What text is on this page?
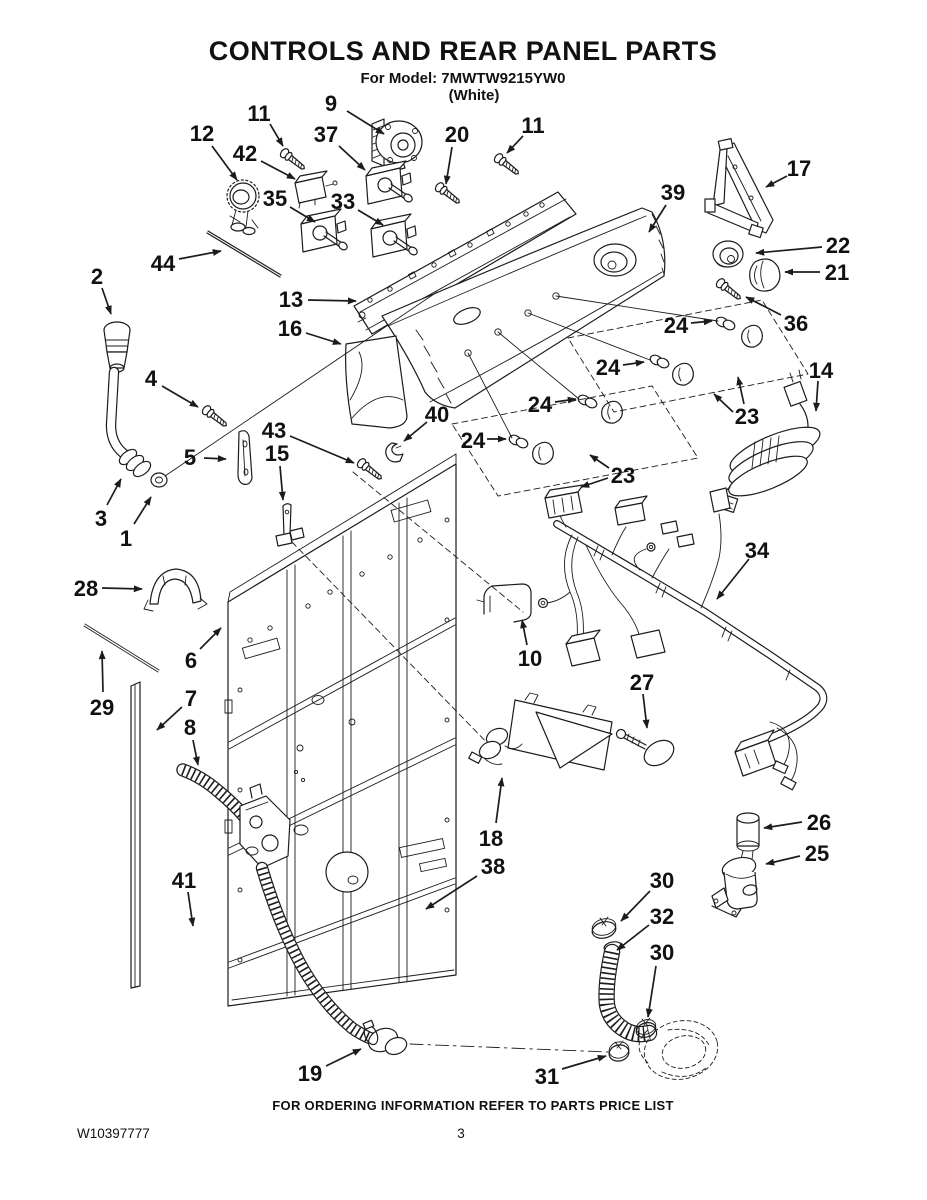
CONTROLS AND REAR PANEL PARTS
For Model: 7MWTW9215YW0
(White)
9
11
12
42
37	20 11
35 33
17
39
44
22
21
13
16	36
24
24
24
24
23
23
14
2
4
40
43
15
5
3
1
28
6
29	7
8
10
34
27
18
38
41
26
25
30
32
30
19	31
FOR ORDERING INFORMATION REFER TO PARTS PRICE LIST
W10397777	3
